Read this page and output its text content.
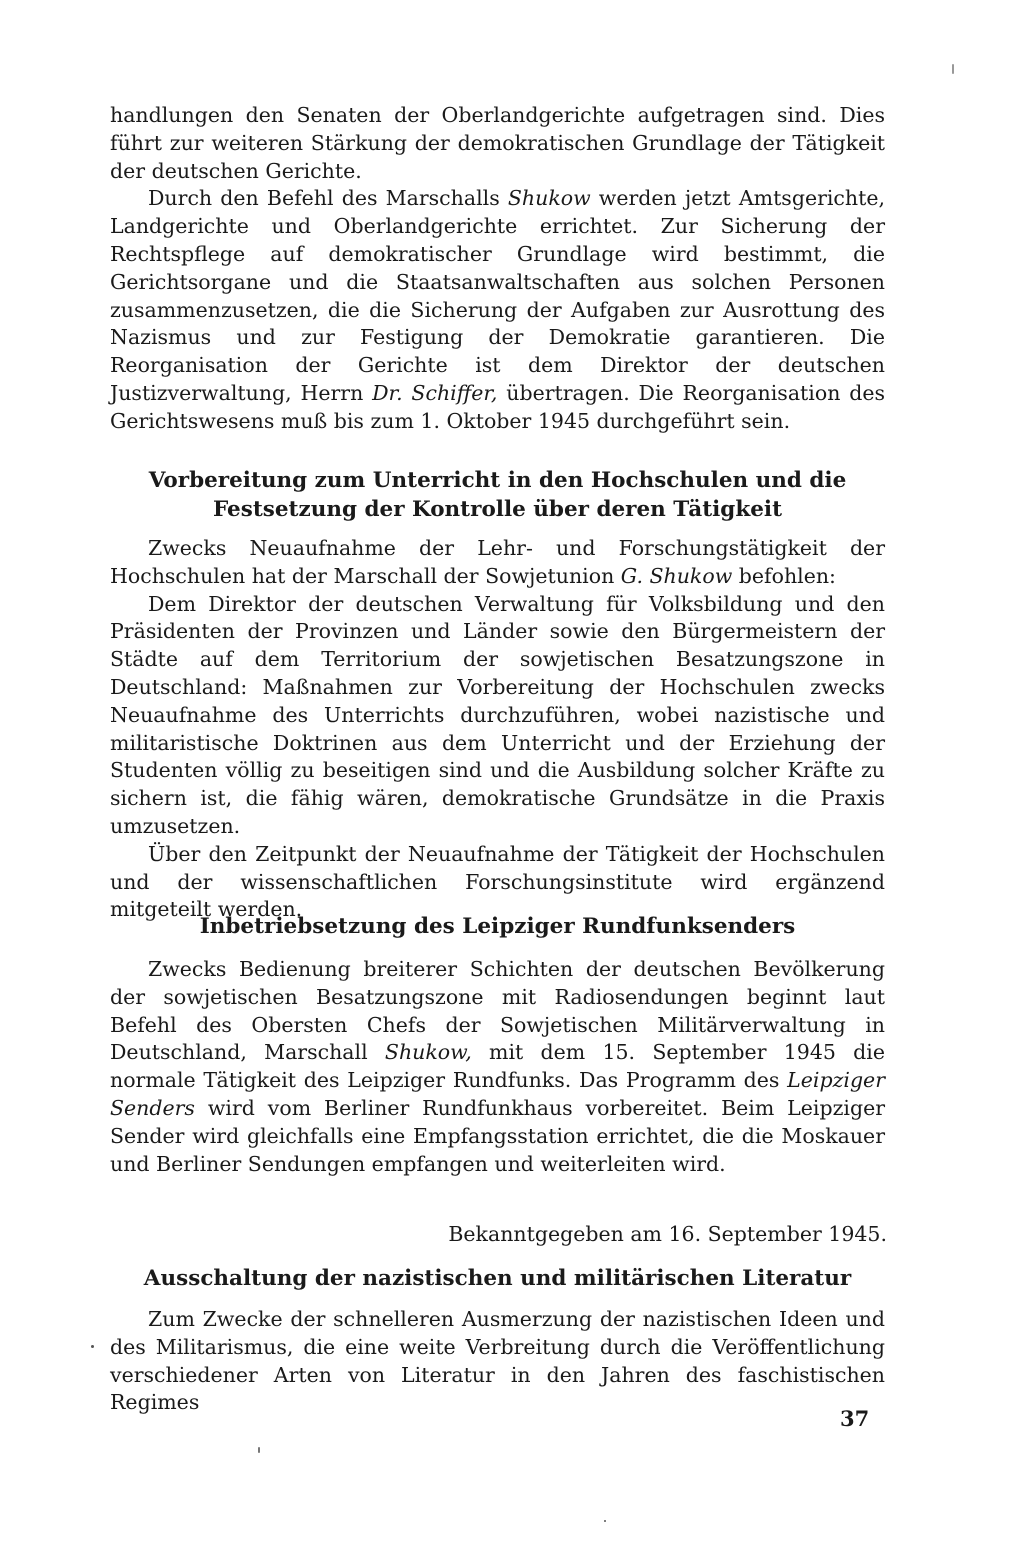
handlungen den Senaten der Oberlandgerichte aufgetragen sind. Dies führt zur weiteren Stärkung der demokratischen Grundlage der Tätigkeit der deutschen Gerichte.

Durch den Befehl des Marschalls Shukow werden jetzt Amtsgerichte, Landgerichte und Oberlandgerichte errichtet. Zur Sicherung der Rechtspflege auf demokratischer Grundlage wird bestimmt, die Gerichtsorgane und die Staatsanwaltschaften aus solchen Personen zusammenzusetzen, die die Sicherung der Aufgaben zur Ausrottung des Nazismus und zur Festigung der Demokratie garantieren. Die Reorganisation der Gerichte ist dem Direktor der deutschen Justizverwaltung, Herrn Dr. Schiffer, übertragen. Die Reorganisation des Gerichtswesens muß bis zum 1. Oktober 1945 durchgeführt sein.

Vorbereitung zum Unterricht in den Hochschulen und die Festsetzung der Kontrolle über deren Tätigkeit

Zwecks Neuaufnahme der Lehr- und Forschungstätigkeit der Hochschulen hat der Marschall der Sowjetunion G. Shukow befohlen:

Dem Direktor der deutschen Verwaltung für Volksbildung und den Präsidenten der Provinzen und Länder sowie den Bürgermeistern der Städte auf dem Territorium der sowjetischen Besatzungszone in Deutschland: Maßnahmen zur Vorbereitung der Hochschulen zwecks Neuaufnahme des Unterrichts durchzuführen, wobei nazistische und militaristische Doktrinen aus dem Unterricht und der Erziehung der Studenten völlig zu beseitigen sind und die Ausbildung solcher Kräfte zu sichern ist, die fähig wären, demokratische Grundsätze in die Praxis umzusetzen.

Über den Zeitpunkt der Neuaufnahme der Tätigkeit der Hochschulen und der wissenschaftlichen Forschungsinstitute wird ergänzend mitgeteilt werden.

Inbetriebsetzung des Leipziger Rundfunksenders

Zwecks Bedienung breiterer Schichten der deutschen Bevölkerung der sowjetischen Besatzungszone mit Radiosendungen beginnt laut Befehl des Obersten Chefs der Sowjetischen Militärverwaltung in Deutschland, Marschall Shukow, mit dem 15. September 1945 die normale Tätigkeit des Leipziger Rundfunks. Das Programm des Leipziger Senders wird vom Berliner Rundfunkhaus vorbereitet. Beim Leipziger Sender wird gleichfalls eine Empfangsstation errichtet, die die Moskauer und Berliner Sendungen empfangen und weiterleiten wird.

Bekanntgegeben am 16. September 1945.
Ausschaltung der nazistischen und militärischen Literatur

Zum Zwecke der schnelleren Ausmerzung der nazistischen Ideen und des Militarismus, die eine weite Verbreitung durch die Veröffentlichung verschiedener Arten von Literatur in den Jahren des faschistischen Regimes

37
